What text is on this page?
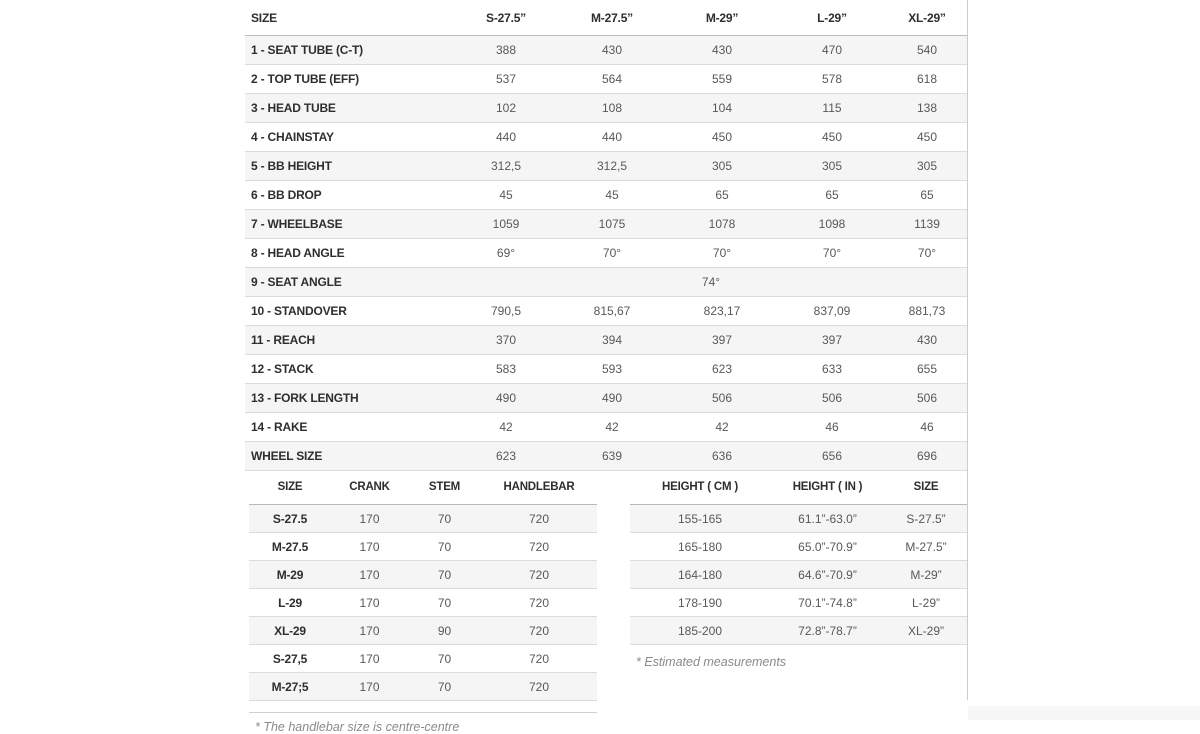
SIZE	S-27.5”	M-27.5”	M-29”	L-29”	XL-29”
1 - SEAT TUBE (C-T)	388	430	430	470	540
2 - TOP TUBE (EFF)	537	564	559	578	618
3 - HEAD TUBE	102	108	104	115	138
4 - CHAINSTAY	440	440	450	450	450
5 - BB HEIGHT	312,5	312,5	305	305	305
6 - BB DROP	45	45	65	65	65
7 - WHEELBASE	1059	1075	1078	1098	1139
8 - HEAD ANGLE	69°	70°	70°	70°	70°
9 - SEAT ANGLE	74°				
10 - STANDOVER	790,5	815,67	823,17	837,09	881,73
11 - REACH	370	394	397	397	430
12 - STACK	583	593	623	633	655
13 - FORK LENGTH	490	490	506	506	506
14 - RAKE	42	42	42	46	46
WHEEL SIZE	623	639	636	656	696
SIZE	CRANK	STEM	HANDLEBAR
S-27.5	170	70	720
M-27.5	170	70	720
M-29	170	70	720
L-29	170	70	720
XL-29	170	90	720
S-27,5	170	70	720
M-27;5	170	70	720
* The handlebar size is centre-centre
HEIGHT ( CM )	HEIGHT ( IN )	SIZE
155-165	61.1”-63.0”	S-27.5”
165-180	65.0”-70.9”	M-27.5”
164-180	64.6”-70.9”	M-29”
178-190	70.1”-74.8”	L-29”
185-200	72.8”-78.7”	XL-29”
* Estimated measurements
